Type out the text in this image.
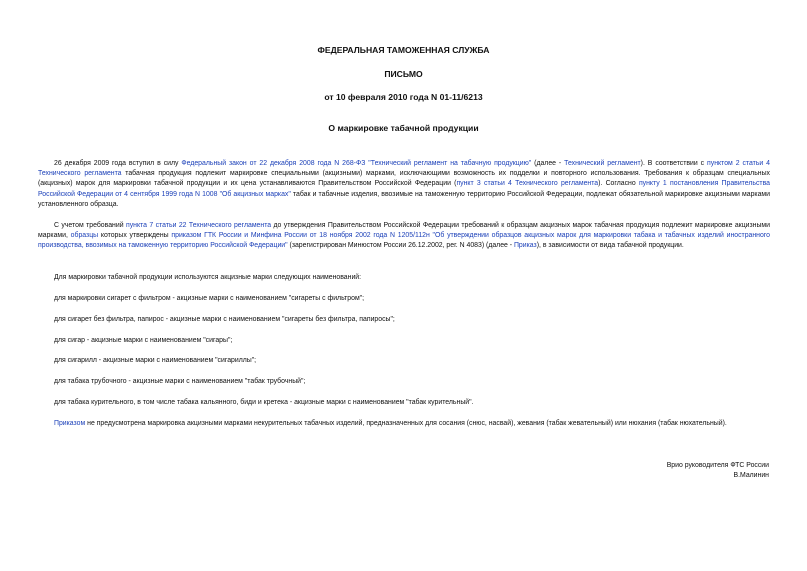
ФЕДЕРАЛЬНАЯ ТАМОЖЕННАЯ СЛУЖБА
ПИСЬМО
от 10 февраля 2010 года N 01-11/6213
О маркировке табачной продукции
26 декабря 2009 года вступил в силу Федеральный закон от 22 декабря 2008 года N 268-ФЗ "Технический регламент на табачную продукцию" (далее - Технический регламент). В соответствии с пунктом 2 статьи 4 Технического регламента табачная продукция подлежит маркировке специальными (акцизными) марками, исключающими возможность их подделки и повторного использования. Требования к образцам специальных (акцизных) марок для маркировки табачной продукции и их цена устанавливаются Правительством Российской Федерации (пункт 3 статьи 4 Технического регламента). Согласно пункту 1 постановления Правительства Российской Федерации от 4 сентября 1999 года N 1008 "Об акцизных марках" табак и табачные изделия, ввозимые на таможенную территорию Российской Федерации, подлежат обязательной маркировке акцизными марками установленного образца.
С учетом требований пункта 7 статьи 22 Технического регламента до утверждения Правительством Российской Федерации требований к образцам акцизных марок табачная продукция подлежит маркировке акцизными марками, образцы которых утверждены приказом ГТК России и Минфина России от 18 ноября 2002 года N 1205/112н "Об утверждении образцов акцизных марок для маркировки табака и табачных изделий иностранного производства, ввозимых на таможенную территорию Российской Федерации" (зарегистрирован Минюстом России 26.12.2002, рег. N 4083) (далее - Приказ), в зависимости от вида табачной продукции.
Для маркировки табачной продукции используются акцизные марки следующих наименований:
для маркировки сигарет с фильтром - акцизные марки с наименованием "сигареты с фильтром";
для сигарет без фильтра, папирос - акцизные марки с наименованием "сигареты без фильтра, папиросы";
для сигар - акцизные марки с наименованием "сигары";
для сигарилл - акцизные марки с наименованием "сигариллы";
для табака трубочного - акцизные марки с наименованием "табак трубочный";
для табака курительного, в том числе табака кальянного, биди и кретека - акцизные марки с наименованием "табак курительный".
Приказом не предусмотрена маркировка акцизными марками некурительных табачных изделий, предназначенных для сосания (снюс, насвай), жевания (табак жевательный) или нюхания (табак нюхательный).
Врио руководителя ФТС России
В.Малинин
